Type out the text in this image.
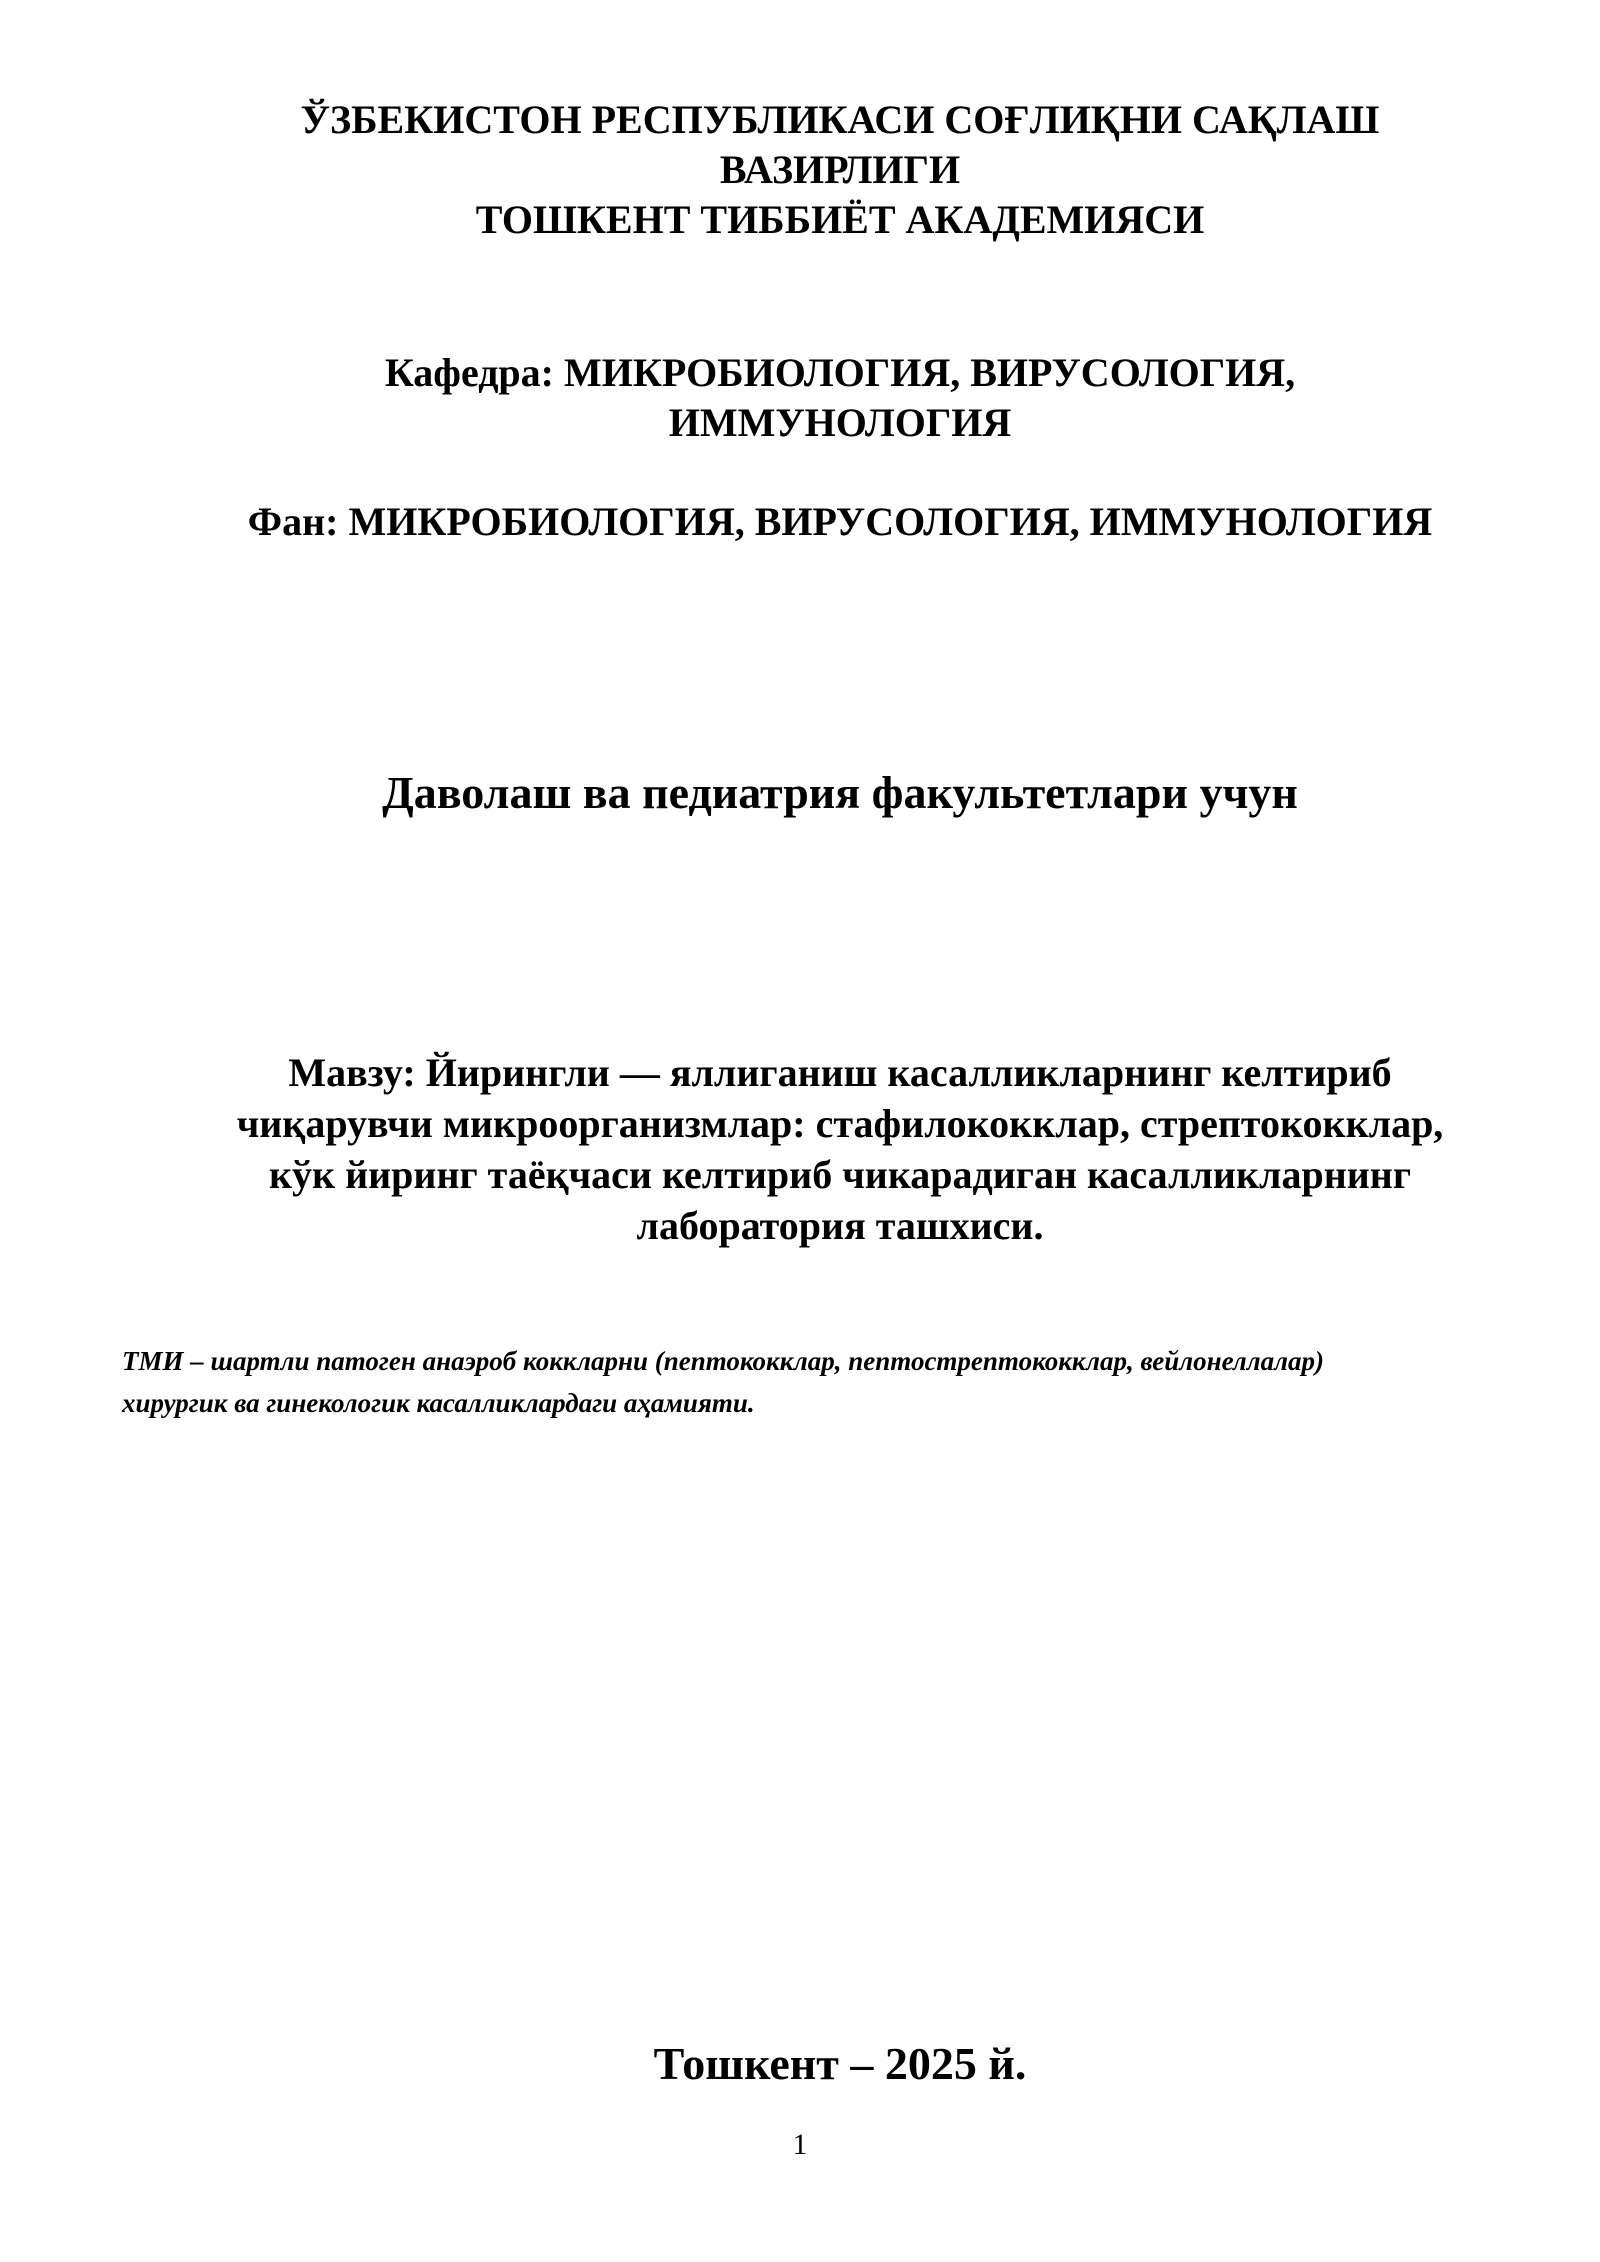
ЎЗБЕКИСТОН РЕСПУБЛИКАСИ СОҒЛИҚНИ САҚЛАШ
ВАЗИРЛИГИ
ТОШКЕНТ ТИББИЁТ АКАДЕМИЯСИ
Кафедра: МИКРОБИОЛОГИЯ, ВИРУСОЛОГИЯ,
ИММУНОЛОГИЯ
Фан: МИКРОБИОЛОГИЯ, ВИРУСОЛОГИЯ, ИММУНОЛОГИЯ
Даволаш ва педиатрия факультетлари учун
Мавзу: Йирингли — яллиганиш касалликларнинг келтириб
чиқарувчи микроорганизмлар: стафилококклар, стрептококклар,
кўк йиринг таёқчаси келтириб чикарадиган касалликларнинг
лаборатория ташхиси.
ТМИ – шартли патоген анаэроб коккларни (пептококклар, пептострептококклар, вейлонеллалар)
хирургик ва гинекологик касалликлардаги аҳамияти.
Тошкент – 2025 й.
1
